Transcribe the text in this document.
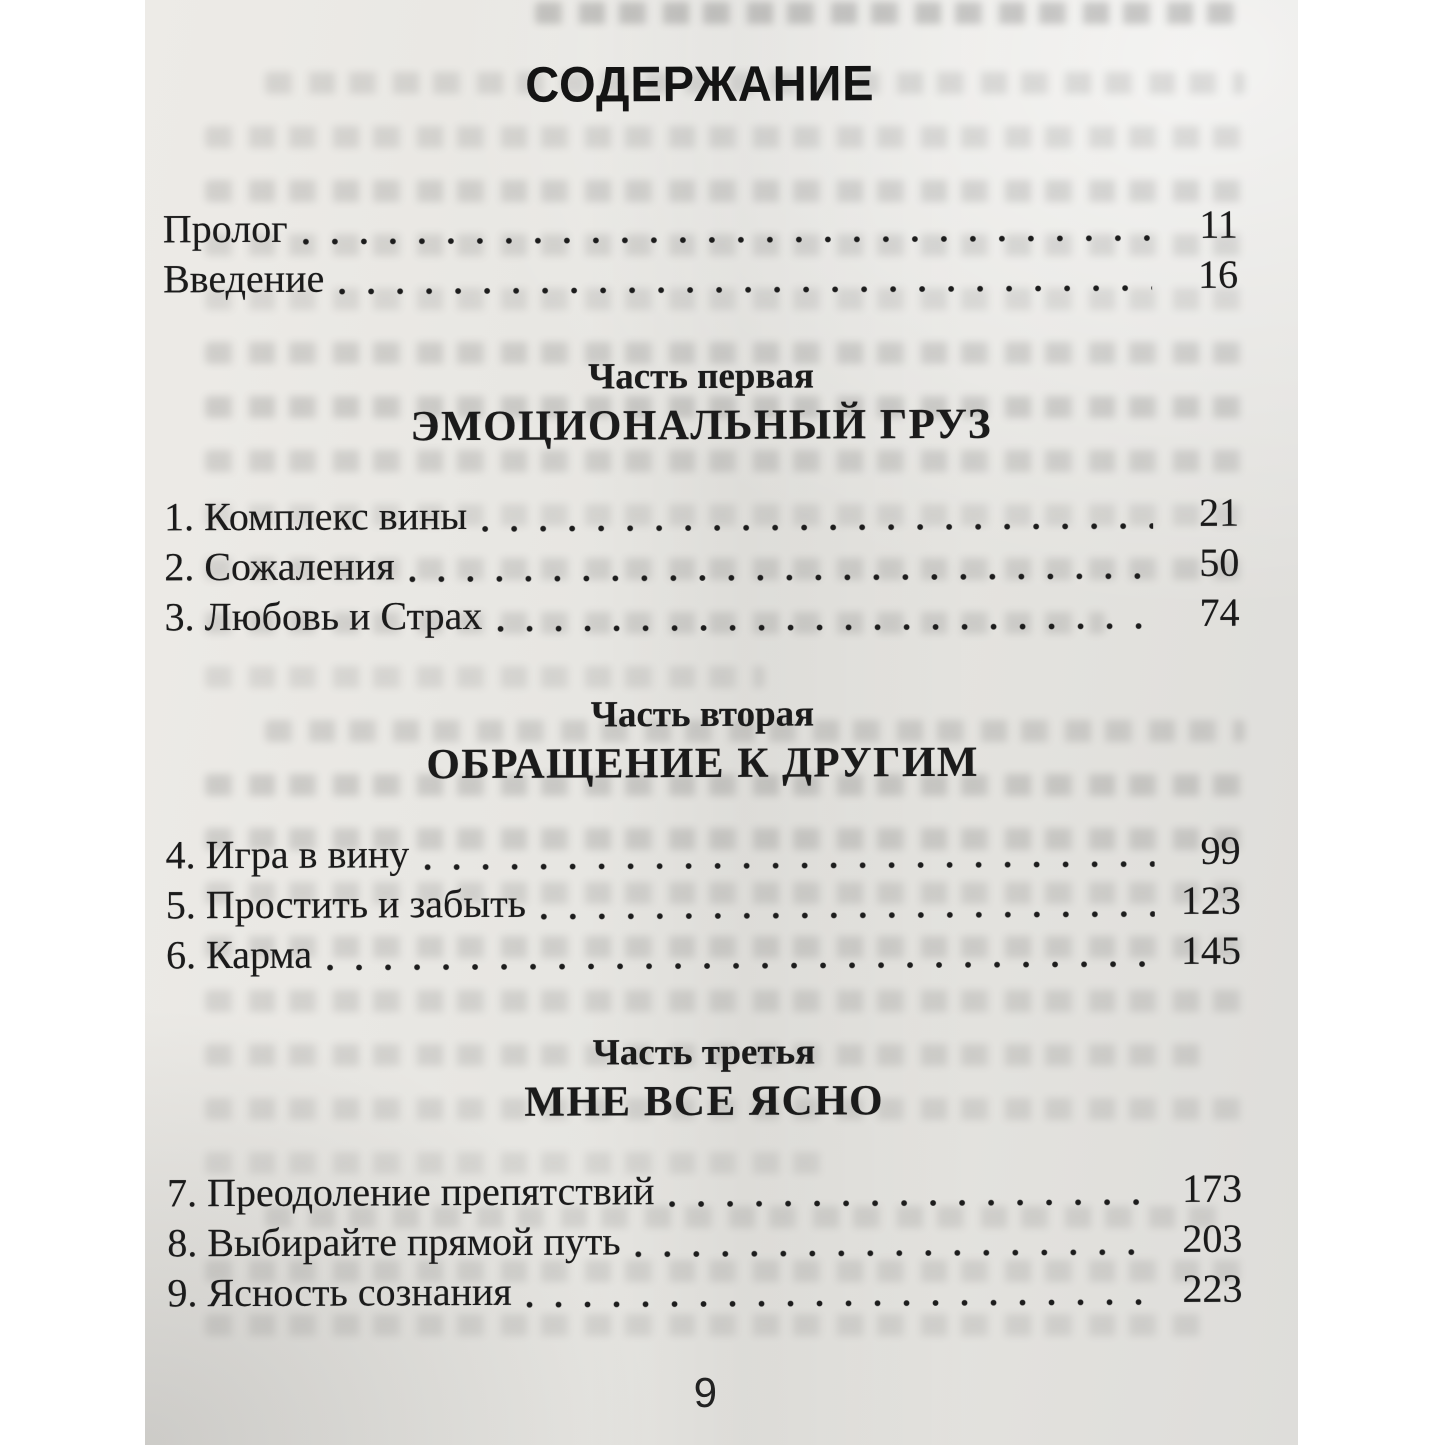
СОДЕРЖАНИЕ
Пролог	11
Введение	16

Часть первая

ЭМОЦИОНАЛЬНЫЙ ГРУЗ

1. Комплекс вины	21
2. Сожаления	50
3. Любовь и Страх	74

Часть вторая

ОБРАЩЕНИЕ К ДРУГИМ

4. Игра в вину	99
5. Простить и забыть	123
6. Карма	145

Часть третья

МНЕ ВСЕ ЯСНО

7. Преодоление препятствий	173
8. Выбирайте прямой путь	203
9. Ясность сознания	223
9
